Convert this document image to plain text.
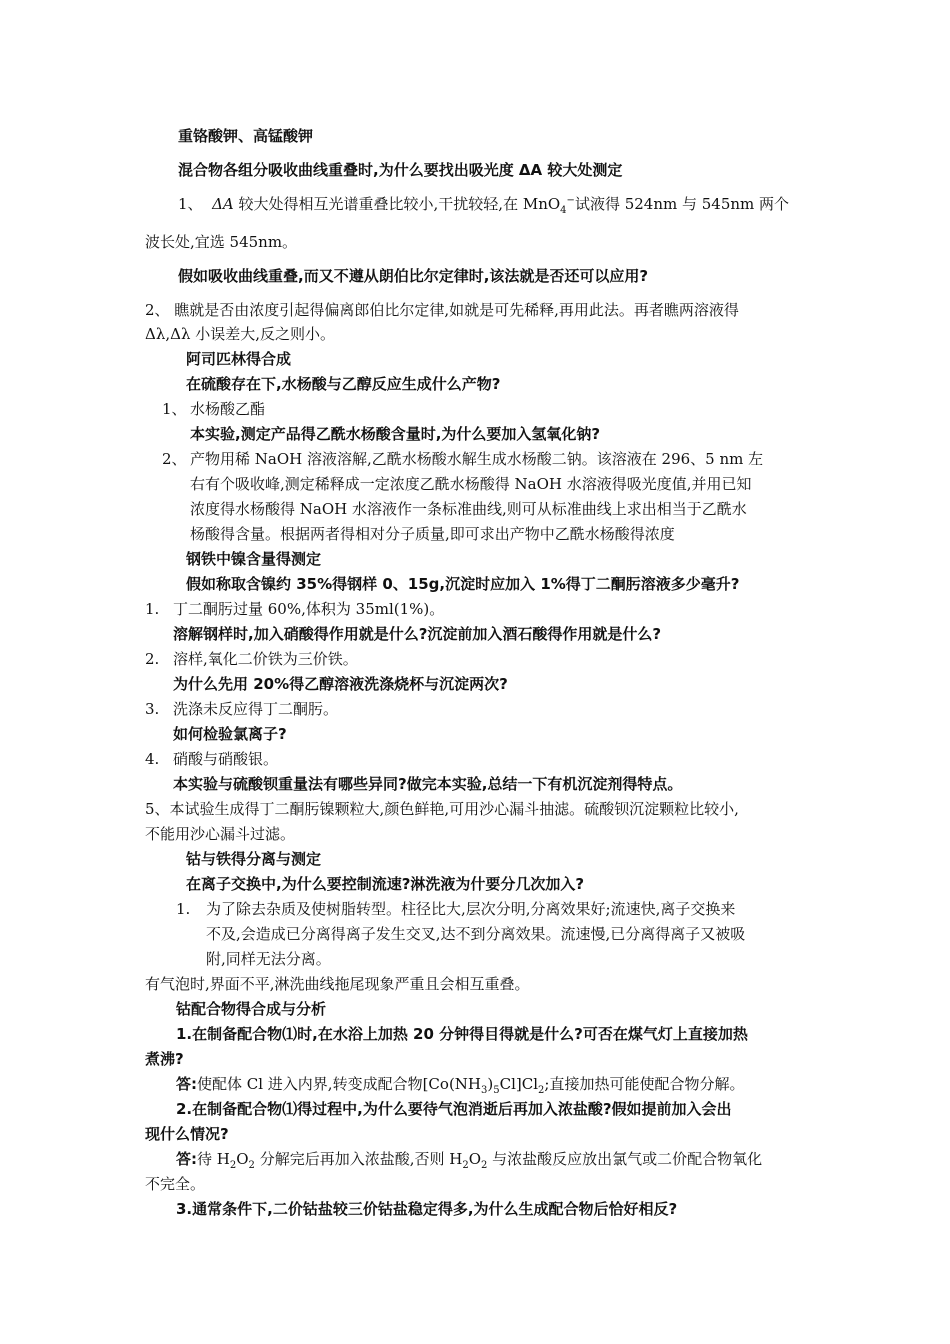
重铬酸钾、高锰酸钾
混合物各组分吸收曲线重叠时,为什么要找出吸光度 ΔA 较大处测定
1、 ΔA 较大处得相互光谱重叠比较小,干扰较轻,在 MnO$_4$−试液得 524nm 与 545nm 两个
波长处,宜选 545nm。
假如吸收曲线重叠,而又不遵从朗伯比尔定律时,该法就是否还可以应用?
2、 瞧就是否由浓度引起得偏离郎伯比尔定律,如就是可先稀释,再用此法。再者瞧两溶液得
Δλ,Δλ 小误差大,反之则小。
阿司匹林得合成
在硫酸存在下,水杨酸与乙醇反应生成什么产物?
1、 水杨酸乙酯
本实验,测定产品得乙酰水杨酸含量时,为什么要加入氢氧化钠?
2、 产物用稀 NaOH 溶液溶解,乙酰水杨酸水解生成水杨酸二钠。该溶液在 296、5 nm 左
右有个吸收峰,测定稀释成一定浓度乙酰水杨酸得 NaOH 水溶液得吸光度值,并用已知
浓度得水杨酸得 NaOH 水溶液作一条标准曲线,则可从标准曲线上求出相当于乙酰水
杨酸得含量。根据两者得相对分子质量,即可求出产物中乙酰水杨酸得浓度
钢铁中镍含量得测定
假如称取含镍约 35%得钢样 0、15g,沉淀时应加入 1%得丁二酮肟溶液多少毫升?
1. 丁二酮肟过量 60%,体积为 35ml(1%)。
溶解钢样时,加入硝酸得作用就是什么?沉淀前加入酒石酸得作用就是什么?
2. 溶样,氧化二价铁为三价铁。
为什么先用 20%得乙醇溶液洗涤烧杯与沉淀两次?
3. 洗涤未反应得丁二酮肟。
如何检验氯离子?
4. 硝酸与硝酸银。
本实验与硫酸钡重量法有哪些异同?做完本实验,总结一下有机沉淀剂得特点。
5、本试验生成得丁二酮肟镍颗粒大,颜色鲜艳,可用沙心漏斗抽滤。硫酸钡沉淀颗粒比较小,
不能用沙心漏斗过滤。
钴与铁得分离与测定
在离子交换中,为什么要控制流速?淋洗液为什要分几次加入?
1. 为了除去杂质及使树脂转型。柱径比大,层次分明,分离效果好;流速快,离子交换来
不及,会造成已分离得离子发生交叉,达不到分离效果。流速慢,已分离得离子又被吸
附,同样无法分离。
有气泡时,界面不平,淋洗曲线拖尾现象严重且会相互重叠。
钴配合物得合成与分析
1.在制备配合物⑴时,在水浴上加热 20 分钟得目得就是什么?可否在煤气灯上直接加热
煮沸?
答:使配体 Cl 进入内界,转变成配合物$[Co(NH_3)_5Cl]Cl_2$;直接加热可能使配合物分解。
2.在制备配合物⑴得过程中,为什么要待气泡消逝后再加入浓盐酸?假如提前加入会出
现什么情况?
答:待 $H_2O_2$ 分解完后再加入浓盐酸,否则 $H_2O_2$ 与浓盐酸反应放出氯气或二价配合物氧化
不完全。
3.通常条件下,二价钴盐较三价钴盐稳定得多,为什么生成配合物后恰好相反?
